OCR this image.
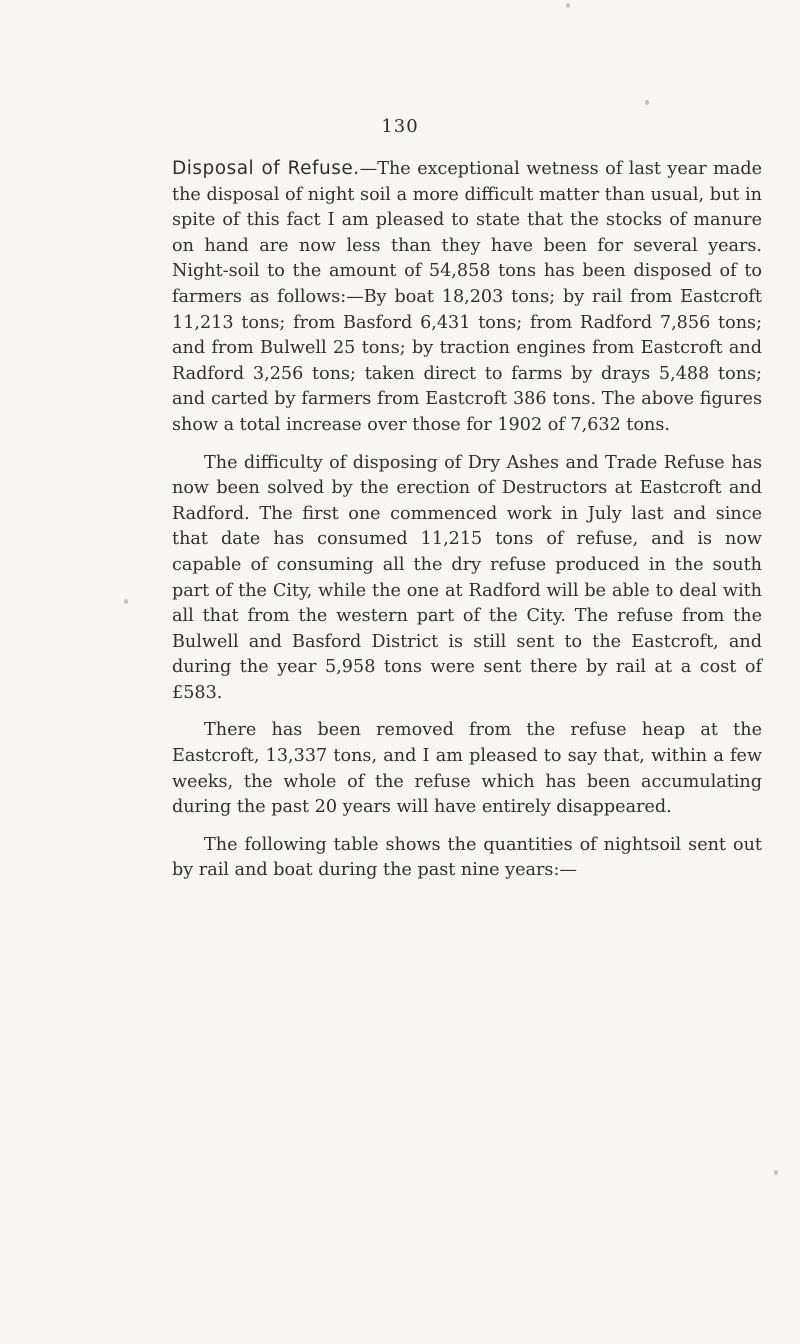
130

Disposal of Refuse.—The exceptional wetness of last year made the disposal of night soil a more difficult matter than usual, but in spite of this fact I am pleased to state that the stocks of manure on hand are now less than they have been for several years. Night-soil to the amount of 54,858 tons has been disposed of to farmers as follows:—By boat 18,203 tons; by rail from Eastcroft 11,213 tons; from Basford 6,431 tons; from Radford 7,856 tons; and from Bulwell 25 tons; by traction engines from Eastcroft and Radford 3,256 tons; taken direct to farms by drays 5,488 tons; and carted by farmers from Eastcroft 386 tons. The above figures show a total increase over those for 1902 of 7,632 tons.

The difficulty of disposing of Dry Ashes and Trade Refuse has now been solved by the erection of Destructors at Eastcroft and Radford. The first one commenced work in July last and since that date has consumed 11,215 tons of refuse, and is now capable of consuming all the dry refuse produced in the south part of the City, while the one at Radford will be able to deal with all that from the western part of the City. The refuse from the Bulwell and Basford District is still sent to the Eastcroft, and during the year 5,958 tons were sent there by rail at a cost of £583.

There has been removed from the refuse heap at the Eastcroft, 13,337 tons, and I am pleased to say that, within a few weeks, the whole of the refuse which has been accumulating during the past 20 years will have entirely disappeared.

The following table shows the quantities of nightsoil sent out by rail and boat during the past nine years:—
